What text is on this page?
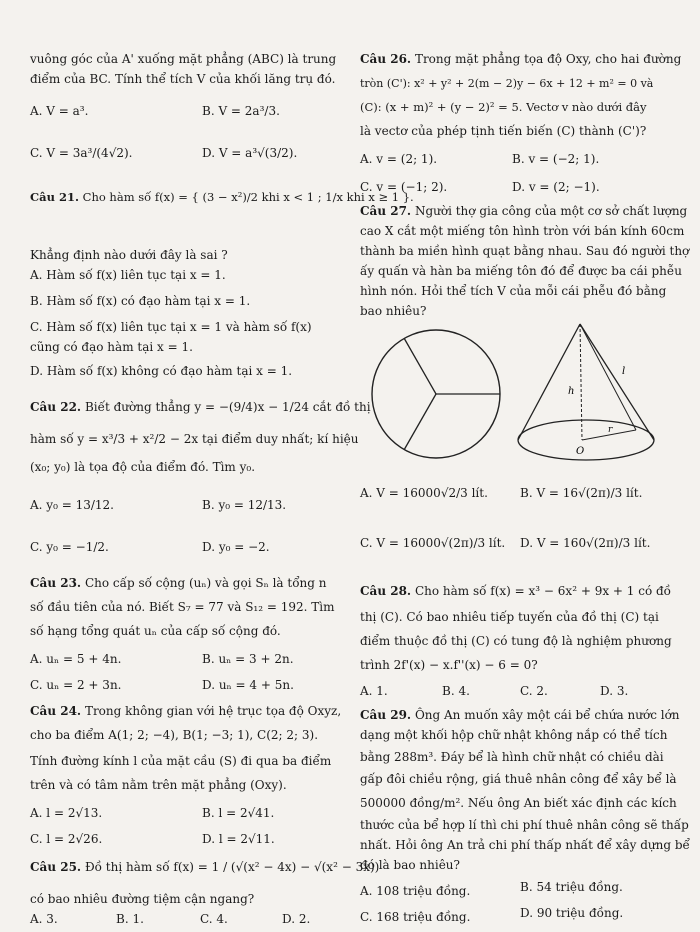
vuông góc của A' xuống mặt phẳng (ABC) là trung
điểm của BC. Tính thể tích V của khối lăng trụ đó.
A. V = a³.	B. V = 2a³/3.
C. V = 3a³/(4√2).	D. V = a³√(3/2).
Câu 21. Cho hàm số f(x) = { (3 − x²)/2 khi x < 1 ; 1/x khi x ≥ 1 }.
Khẳng định nào dưới đây là sai ?
A. Hàm số f(x) liên tục tại x = 1.
B. Hàm số f(x) có đạo hàm tại x = 1.
C. Hàm số f(x) liên tục tại x = 1 và hàm số f(x)
cũng có đạo hàm tại x = 1.
D. Hàm số f(x) không có đạo hàm tại x = 1.
Câu 22. Biết đường thẳng y = −(9/4)x − 1/24 cắt đồ thị
hàm số y = x³/3 + x²/2 − 2x tại điểm duy nhất; kí hiệu
(x₀; y₀) là tọa độ của điểm đó. Tìm y₀.
A. y₀ = 13/12.	B. y₀ = 12/13.
C. y₀ = −1/2.	D. y₀ = −2.
Câu 23. Cho cấp số cộng (uₙ) và gọi Sₙ là tổng n
số đầu tiên của nó. Biết S₇ = 77 và S₁₂ = 192. Tìm
số hạng tổng quát uₙ của cấp số cộng đó.
A. uₙ = 5 + 4n.	B. uₙ = 3 + 2n.
C. uₙ = 2 + 3n.	D. uₙ = 4 + 5n.
Câu 24. Trong không gian với hệ trục tọa độ Oxyz,
cho ba điểm A(1; 2; −4), B(1; −3; 1), C(2; 2; 3).
Tính đường kính l của mặt cầu (S) đi qua ba điểm
trên và có tâm nằm trên mặt phẳng (Oxy).
A. l = 2√13.	B. l = 2√41.
C. l = 2√26.	D. l = 2√11.
Câu 25. Đồ thị hàm số f(x) = 1 / (√(x² − 4x) − √(x² − 3x))
có bao nhiêu đường tiệm cận ngang?
A. 3.	B. 1.	C. 4.	D. 2.
Câu 26. Trong mặt phẳng tọa độ Oxy, cho hai đường
tròn (C'): x² + y² + 2(m − 2)y − 6x + 12 + m² = 0 và
(C): (x + m)² + (y − 2)² = 5. Vectơ v nào dưới đây
là vectơ của phép tịnh tiến biến (C) thành (C')?
A. v = (2; 1).	B. v = (−2; 1).
C. v = (−1; 2).	D. v = (2; −1).
Câu 27. Người thợ gia công của một cơ sở chất lượng
cao X cắt một miếng tôn hình tròn với bán kính 60cm
thành ba miền hình quạt bằng nhau. Sau đó người thợ
ấy quấn và hàn ba miếng tôn đó để được ba cái phễu
hình nón. Hỏi thể tích V của mỗi cái phễu đó bằng
bao nhiêu?
h
l
r
O
A. V = 16000√2/3 lít.	B. V = 16√(2π)/3 lít.
C. V = 16000√(2π)/3 lít. D. V = 160√(2π)/3 lít.
Câu 28. Cho hàm số f(x) = x³ − 6x² + 9x + 1 có đồ
thị (C). Có bao nhiêu tiếp tuyến của đồ thị (C) tại
điểm thuộc đồ thị (C) có tung độ là nghiệm phương
trình 2f'(x) − x.f''(x) − 6 = 0?
A. 1.	B. 4.	C. 2.	D. 3.
Câu 29. Ông An muốn xây một cái bể chứa nước lớn
dạng một khối hộp chữ nhật không nắp có thể tích
bằng 288m³. Đáy bể là hình chữ nhật có chiều dài
gấp đôi chiều rộng, giá thuê nhân công để xây bể là
500000 đồng/m². Nếu ông An biết xác định các kích
thước của bể hợp lí thì chi phí thuê nhân công sẽ thấp
nhất. Hỏi ông An trả chi phí thấp nhất để xây dựng bể
đó là bao nhiêu?
A. 108 triệu đồng.	B. 54 triệu đồng.
C. 168 triệu đồng.	D. 90 triệu đồng.
